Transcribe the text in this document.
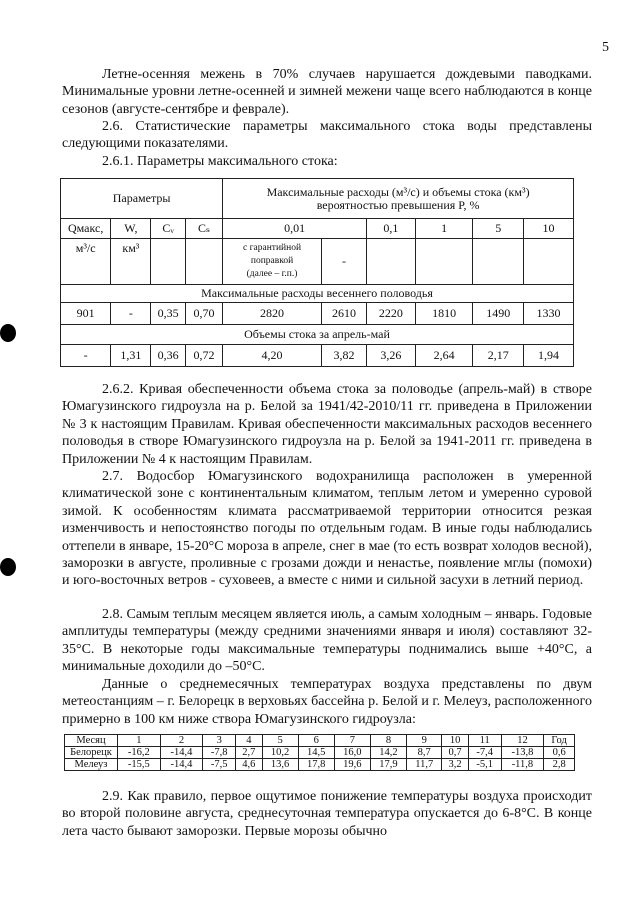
5

Летне-осенняя межень в 70% случаев нарушается дождевыми паводками. Минимальные уровни летне-осенней и зимней межени чаще всего наблюдаются в конце сезонов (августе-сентябре и феврале).

2.6. Статистические параметры максимального стока воды представлены следующими показателями.

2.6.1. Параметры максимального стока:

Параметры				Максимальные расходы (м³/с) и объемы стока (км³)
вероятностью превышения Р, %					
Qмакс,	W,	Cᵥ	Cₛ	0,01		0,1	1	5	10
м³/с	км³			с гарантийной
поправкой
(далее – г.п.)	-				
Максимальные расходы весеннего половодья									
901	-	0,35	0,70	2820	2610	2220	1810	1490	1330
Объемы стока за апрель-май									
-	1,31	0,36	0,72	4,20	3,82	3,26	2,64	2,17	1,94

2.6.2. Кривая обеспеченности объема стока за половодье (апрель-май) в створе Юмагузинского гидроузла на р. Белой за 1941/42-2010/11 гг. приведена в Приложении № 3 к настоящим Правилам. Кривая обеспеченности максимальных расходов весеннего половодья в створе Юмагузинского гидроузла на р. Белой за 1941-2011 гг. приведена в Приложении № 4 к настоящим Правилам.

2.7. Водосбор Юмагузинского водохранилища расположен в умеренной климатической зоне с континентальным климатом, теплым летом и умеренно суровой зимой. К особенностям климата рассматриваемой территории относится резкая изменчивость и непостоянство погоды по отдельным годам. В иные годы наблюдались оттепели в январе, 15-20°С мороза в апреле, снег в мае (то есть возврат холодов весной), заморозки в августе, проливные с грозами дожди и ненастье, появление мглы (помохи) и юго-восточных ветров - суховеев, а вместе с ними и сильной засухи в летний период.

2.8. Самым теплым месяцем является июль, а самым холодным – январь. Годовые амплитуды температуры (между средними значениями января и июля) составляют 32-35°С. В некоторые годы максимальные температуры поднимались выше +40°С, а минимальные доходили до –50°С.

Данные о среднемесячных температурах воздуха представлены по двум метеостанциям – г. Белорецк в верховьях бассейна р. Белой и г. Мелеуз, расположенного примерно в 100 км ниже створа Юмагузинского гидроузла:

Месяц	1	2	3	4	5	6	7	8	9	10	11	12	Год
Белорецк	-16,2	-14,4	-7,8	2,7	10,2	14,5	16,0	14,2	8,7	0,7	-7,4	-13,8	0,6
Мелеуз	-15,5	-14,4	-7,5	4,6	13,6	17,8	19,6	17,9	11,7	3,2	-5,1	-11,8	2,8

2.9. Как правило, первое ощутимое понижение температуры воздуха происходит во второй половине августа, среднесуточная температура опускается до 6-8°С. В конце лета часто бывают заморозки. Первые морозы обычно
